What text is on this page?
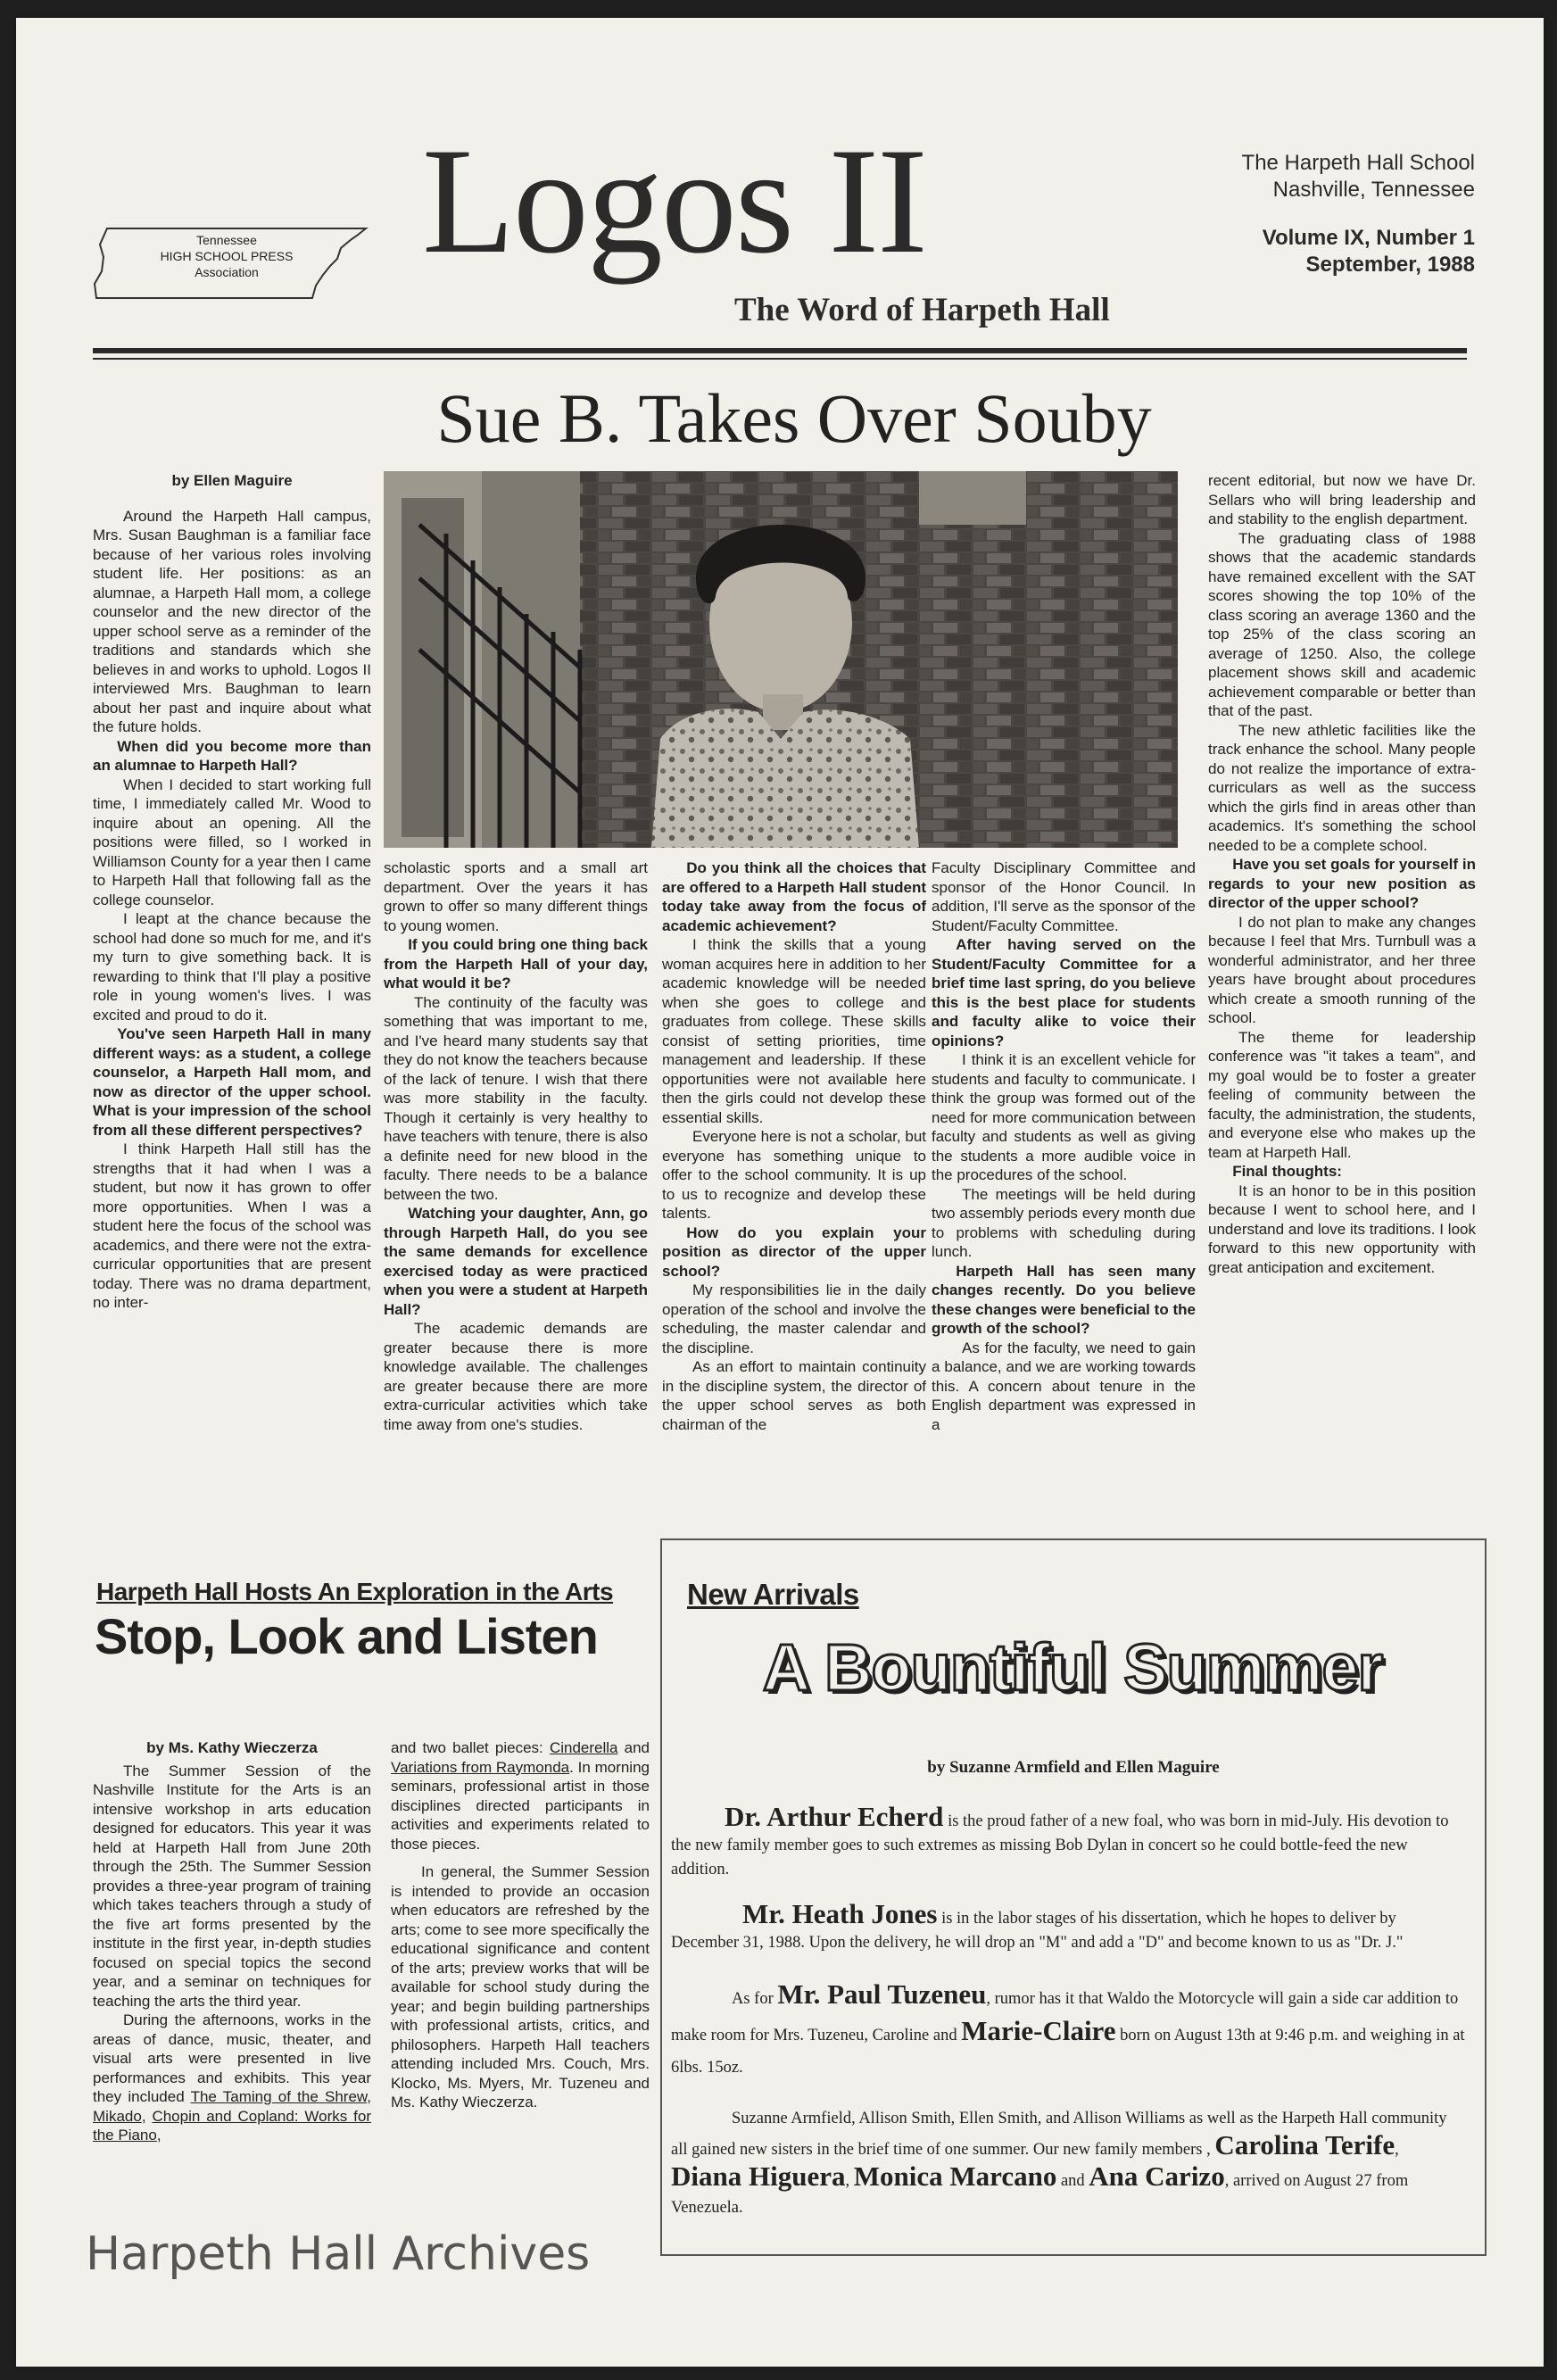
Tennessee
HIGH SCHOOL PRESS
Association	Logos II
The Word of Harpeth Hall
The Harpeth Hall School
Nashville, Tennessee
Volume IX, Number 1
September, 1988
Sue B. Takes Over Souby

by Ellen Maguire

Around the Harpeth Hall campus, Mrs. Susan Baughman is a familiar face because of her various roles involving student life. Her positions: as an alumnae, a Harpeth Hall mom, a college counselor and the new director of the upper school serve as a reminder of the traditions and standards which she believes in and works to uphold. Logos II interviewed Mrs. Baughman to learn about her past and inquire about what the future holds.

When did you become more than an alumnae to Harpeth Hall?

When I decided to start working full time, I immediately called Mr. Wood to inquire about an opening. All the positions were filled, so I worked in Williamson County for a year then I came to Harpeth Hall that following fall as the college counselor.

I leapt at the chance because the school had done so much for me, and it's my turn to give something back. It is rewarding to think that I'll play a positive role in young women's lives. I was excited and proud to do it.

You've seen Harpeth Hall in many different ways: as a student, a college counselor, a Harpeth Hall mom, and now as director of the upper school. What is your impression of the school from all these different perspectives?

I think Harpeth Hall still has the strengths that it had when I was a student, but now it has grown to offer more opportunities. When I was a student here the focus of the school was academics, and there were not the extra-curricular opportunities that are present today. There was no drama department, no inter-

scholastic sports and a small art department. Over the years it has grown to offer so many different things to young women.

If you could bring one thing back from the Harpeth Hall of your day, what would it be?

The continuity of the faculty was something that was important to me, and I've heard many students say that they do not know the teachers because of the lack of tenure. I wish that there was more stability in the faculty. Though it certainly is very healthy to have teachers with tenure, there is also a definite need for new blood in the faculty. There needs to be a balance between the two.

Watching your daughter, Ann, go through Harpeth Hall, do you see the same demands for excellence exercised today as were practiced when you were a student at Harpeth Hall?

The academic demands are greater because there is more knowledge available. The challenges are greater because there are more extra-curricular activities which take time away from one's studies.

Do you think all the choices that are offered to a Harpeth Hall student today take away from the focus of academic achievement?

I think the skills that a young woman acquires here in addition to her academic knowledge will be needed when she goes to college and graduates from college. These skills consist of setting priorities, time management and leadership. If these opportunities were not available here then the girls could not develop these essential skills.

Everyone here is not a scholar, but everyone has something unique to offer to the school community. It is up to us to recognize and develop these talents.

How do you explain your position as director of the upper school?

My responsibilities lie in the daily operation of the school and involve the scheduling, the master calendar and the discipline.

As an effort to maintain continuity in the discipline system, the director of the upper school serves as both chairman of the

Faculty Disciplinary Committee and sponsor of the Honor Council. In addition, I'll serve as the sponsor of the Student/Faculty Committee.

After having served on the Student/Faculty Committee for a brief time last spring, do you believe this is the best place for students and faculty alike to voice their opinions?

I think it is an excellent vehicle for students and faculty to communicate. I think the group was formed out of the need for more communication between faculty and students as well as giving the students a more audible voice in the procedures of the school.

The meetings will be held during two assembly periods every month due to problems with scheduling during lunch.

Harpeth Hall has seen many changes recently. Do you believe these changes were beneficial to the growth of the school?

As for the faculty, we need to gain a balance, and we are working towards this. A concern about tenure in the English department was expressed in a

recent editorial, but now we have Dr. Sellars who will bring leadership and and stability to the english department.

The graduating class of 1988 shows that the academic standards have remained excellent with the SAT scores showing the top 10% of the class scoring an average 1360 and the top 25% of the class scoring an average of 1250. Also, the college placement shows skill and academic achievement comparable or better than that of the past.

The new athletic facilities like the track enhance the school. Many people do not realize the importance of extra-curriculars as well as the success which the girls find in areas other than academics. It's something the school needed to be a complete school.

Have you set goals for yourself in regards to your new position as director of the upper school?

I do not plan to make any changes because I feel that Mrs. Turnbull was a wonderful administrator, and her three years have brought about procedures which create a smooth running of the school.

The theme for leadership conference was "it takes a team", and my goal would be to foster a greater feeling of community between the faculty, the administration, the students, and everyone else who makes up the team at Harpeth Hall.

Final thoughts:

It is an honor to be in this position because I went to school here, and I understand and love its traditions. I look forward to this new opportunity with great anticipation and excitement.

Harpeth Hall Hosts An Exploration in the Arts
Stop, Look and Listen

by Ms. Kathy Wieczerza

The Summer Session of the Nashville Institute for the Arts is an intensive workshop in arts education designed for educators. This year it was held at Harpeth Hall from June 20th through the 25th. The Summer Session provides a three-year program of training which takes teachers through a study of the five art forms presented by the institute in the first year, in-depth studies focused on special topics the second year, and a seminar on techniques for teaching the arts the third year.

During the afternoons, works in the areas of dance, music, theater, and visual arts were presented in live performances and exhibits. This year they included The Taming of the Shrew, Mikado, Chopin and Copland: Works for the Piano,

and two ballet pieces: Cinderella and Variations from Raymonda. In morning seminars, professional artist in those disciplines directed participants in activities and experiments related to those pieces.

In general, the Summer Session is intended to provide an occasion when educators are refreshed by the arts; come to see more specifically the educational significance and content of the arts; preview works that will be available for school study during the year; and begin building partnerships with professional artists, critics, and philosophers. Harpeth Hall teachers attending included Mrs. Couch, Mrs. Klocko, Ms. Myers, Mr. Tuzeneu and Ms. Kathy Wieczerza.

New Arrivals
A Bountiful Summer
by Suzanne Armfield and Ellen Maguire

Dr. Arthur Echerd is the proud father of a new foal, who was born in mid-July. His devotion to the new family member goes to such extremes as missing Bob Dylan in concert so he could bottle-feed the new addition.

Mr. Heath Jones is in the labor stages of his dissertation, which he hopes to deliver by December 31, 1988. Upon the delivery, he will drop an "M" and add a "D" and become known to us as "Dr. J."

As for Mr. Paul Tuzeneu, rumor has it that Waldo the Motorcycle will gain a side car addition to make room for Mrs. Tuzeneu, Caroline and Marie-Claire born on August 13th at 9:46 p.m. and weighing in at 6lbs. 15oz.

Suzanne Armfield, Allison Smith, Ellen Smith, and Allison Williams as well as the Harpeth Hall community all gained new sisters in the brief time of one summer. Our new family members , Carolina Terife, Diana Higuera, Monica Marcano and Ana Carizo, arrived on August 27 from Venezuela.

Harpeth Hall Archives
